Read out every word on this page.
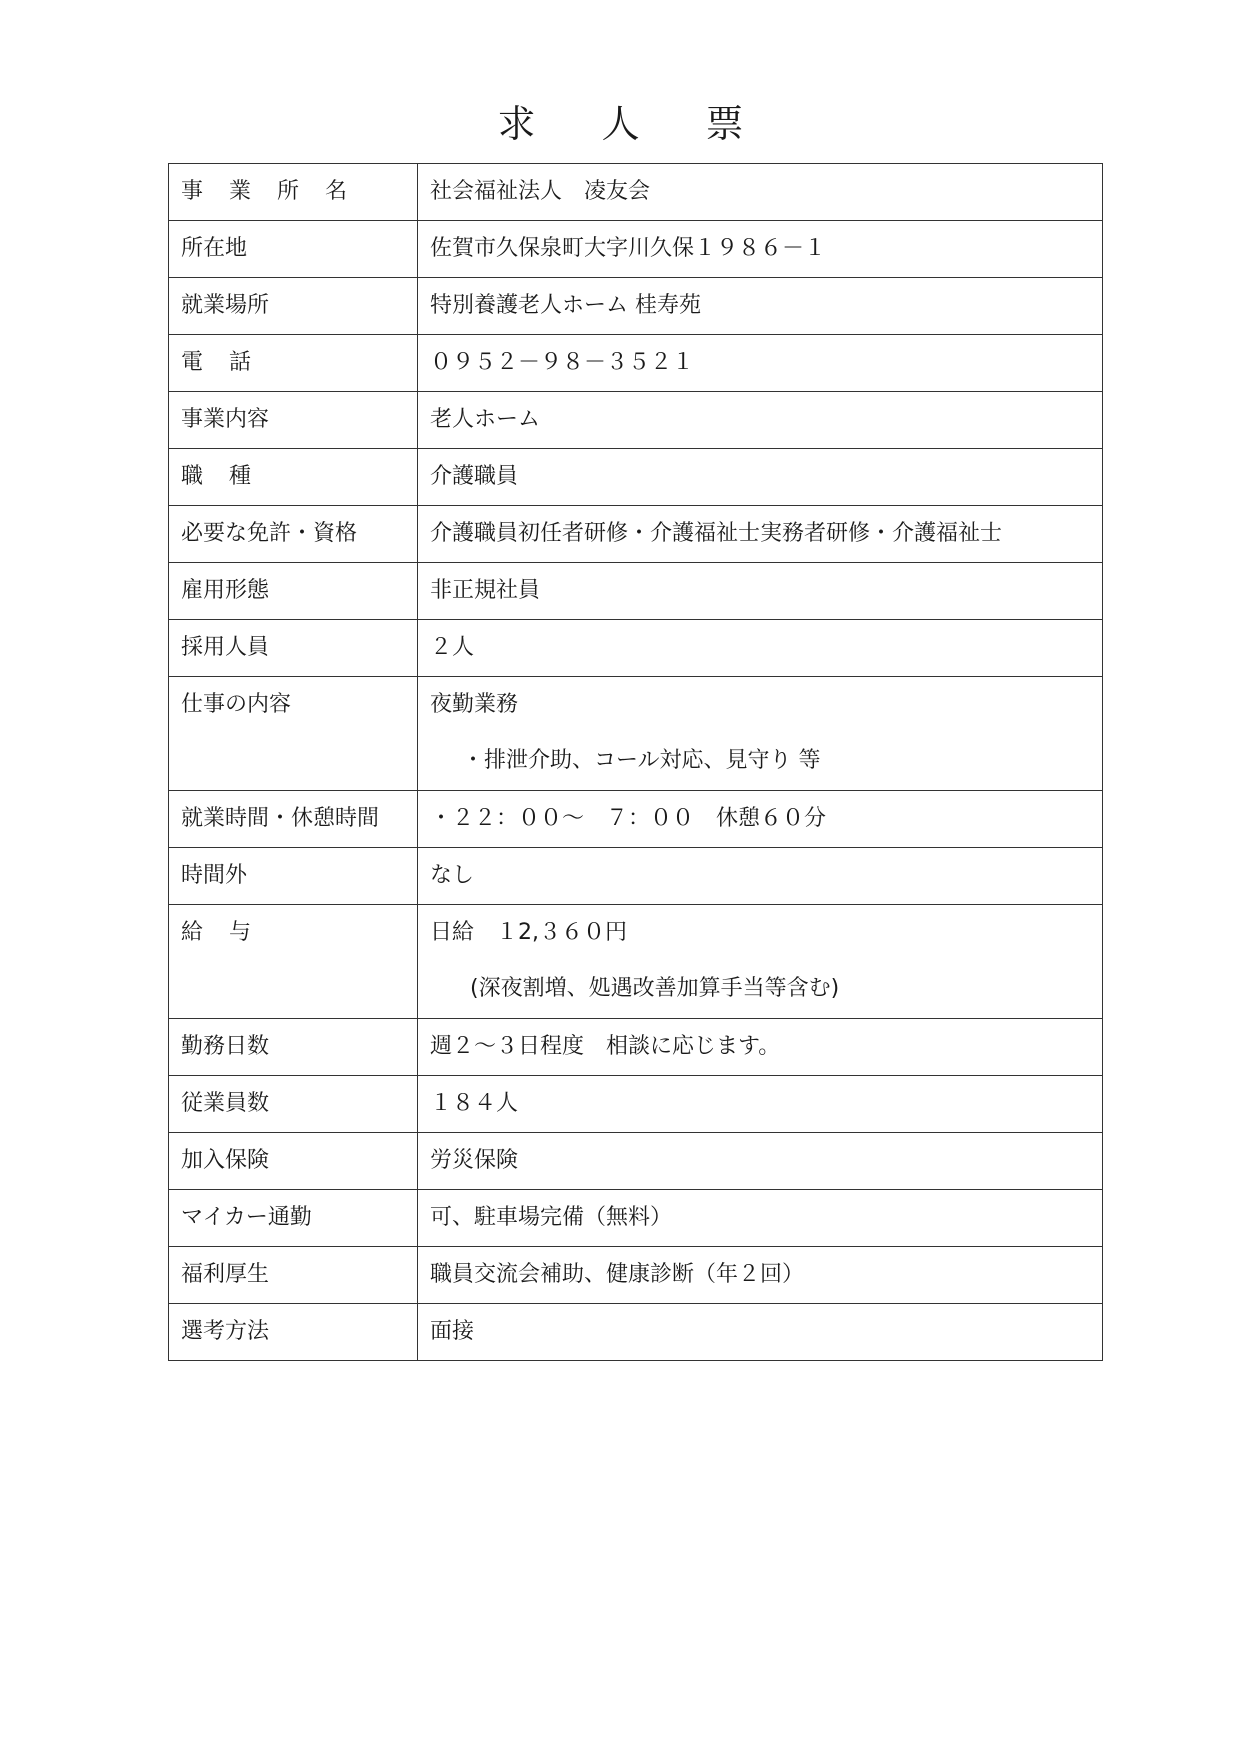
求人票
事業所名	社会福祉法人　凌友会
所在地	佐賀市久保泉町大字川久保１９８６－１
就業場所	特別養護老人ホーム 桂寿苑
電話	０９５２－９８－３５２１
事業内容	老人ホーム
職種	介護職員
必要な免許・資格	介護職員初任者研修・介護福祉士実務者研修・介護福祉士
雇用形態	非正規社員
採用人員	２人

仕事の内容	夜勤業務
・排泄介助、コール対応、見守り 等

就業時間・休憩時間	・２２：００～　７：００　休憩６０分
時間外	なし

給与	日給　１2,３６０円
(深夜割増、処遇改善加算手当等含む)

勤務日数	週２～３日程度　相談に応じます。
従業員数	１８４人
加入保険	労災保険
マイカー通勤	可、駐車場完備（無料）
福利厚生	職員交流会補助、健康診断（年２回）
選考方法	面接
